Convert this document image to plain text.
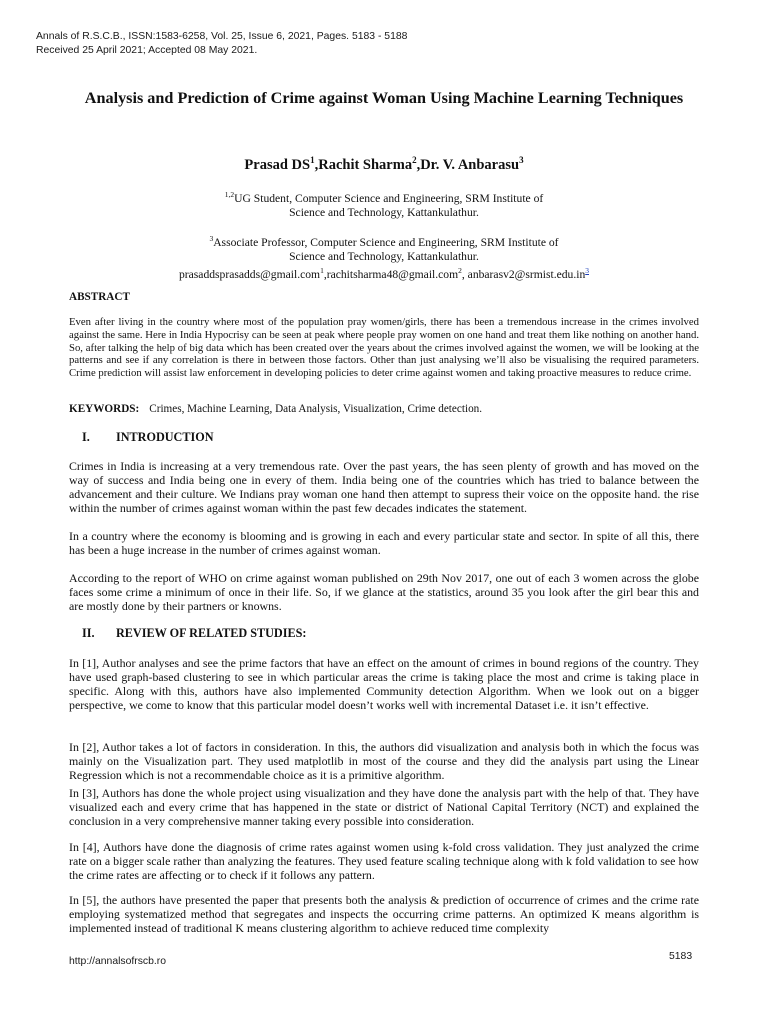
Annals of R.S.C.B., ISSN:1583-6258, Vol. 25, Issue 6, 2021, Pages. 5183 - 5188
Received 25 April 2021; Accepted 08 May 2021.
Analysis and Prediction of Crime against Woman Using Machine Learning Techniques
Prasad $DS^1,Rachit$ Sharma$^2$,Dr. V. Anbarasu$^3$
$^{1,2}$UG Student, Computer Science and Engineering, SRM Institute of
Science and Technology, Kattankulathur.
$^3$Associate Professor, Computer Science and Engineering, SRM Institute of
Science and Technology, Kattankulathur.
prasaddsprasadds@gmail.com$^1$,rachitsharma48@gmail.com$^2$, $anbarasv2@srmist.edu.in^3$
ABSTRACT
Even after living in the country where most of the population pray women/girls, there has been a tremendous increase in the crimes involved against the same. Here in India Hypocrisy can be seen at peak where people pray women on one hand and treat them like nothing on another hand. So, after talking the help of big data which has been created over the years about the crimes involved against the women, we will be looking at the patterns and see if any correlation is there in between those factors. Other than just analysing we’ll also be visualising the required parameters. Crime prediction will assist law enforcement in developing policies to deter crime against women and taking proactive measures to reduce crime.
KEYWORDS: Crimes, Machine Learning, Data Analysis, Visualization, Crime detection.
I. INTRODUCTION
Crimes in India is increasing at a very tremendous rate. Over the past years, the has seen plenty of growth and has moved on the way of success and India being one in every of them. India being one of the countries which has tried to balance between the advancement and their culture. We Indians pray woman one hand then attempt to supress their voice on the opposite hand. the rise within the number of crimes against woman within the past few decades indicates the statement.
In a country where the economy is blooming and is growing in each and every particular state and sector. In spite of all this, there has been a huge increase in the number of crimes against woman.
According to the report of WHO on crime against woman published on 29th Nov 2017, one out of each 3 women across the globe faces some crime a minimum of once in their life. So, if we glance at the statistics, around 35 you look after the girl bear this and are mostly done by their partners or knowns.
II. REVIEW OF RELATED STUDIES:
In [1], Author analyses and see the prime factors that have an effect on the amount of crimes in bound regions of the country. They have used graph-based clustering to see in which particular areas the crime is taking place the most and crime is taking place in specific. Along with this, authors have also implemented Community detection Algorithm. When we look out on a bigger perspective, we come to know that this particular model doesn’t works well with incremental Dataset i.e. it isn’t effective.
In [2], Author takes a lot of factors in consideration. In this, the authors did visualization and analysis both in which the focus was mainly on the Visualization part. They used matplotlib in most of the course and they did the analysis part using the Linear Regression which is not a recommendable choice as it is a primitive algorithm.
In [3], Authors has done the whole project using visualization and they have done the analysis part with the help of that. They have visualized each and every crime that has happened in the state or district of National Capital Territory (NCT) and explained the conclusion in a very comprehensive manner taking every possible into consideration.
In [4], Authors have done the diagnosis of crime rates against women using k-fold cross validation. They just analyzed the crime rate on a bigger scale rather than analyzing the features. They used feature scaling technique along with k fold validation to see how the crime rates are affecting or to check if it follows any pattern.
In [5], the authors have presented the paper that presents both the analysis & prediction of occurrence of crimes and the crime rate employing systematized method that segregates and inspects the occurring crime patterns. An optimized K means algorithm is implemented instead of traditional K means clustering algorithm to achieve reduced time complexity
http://annalsofrscb.ro	5183
